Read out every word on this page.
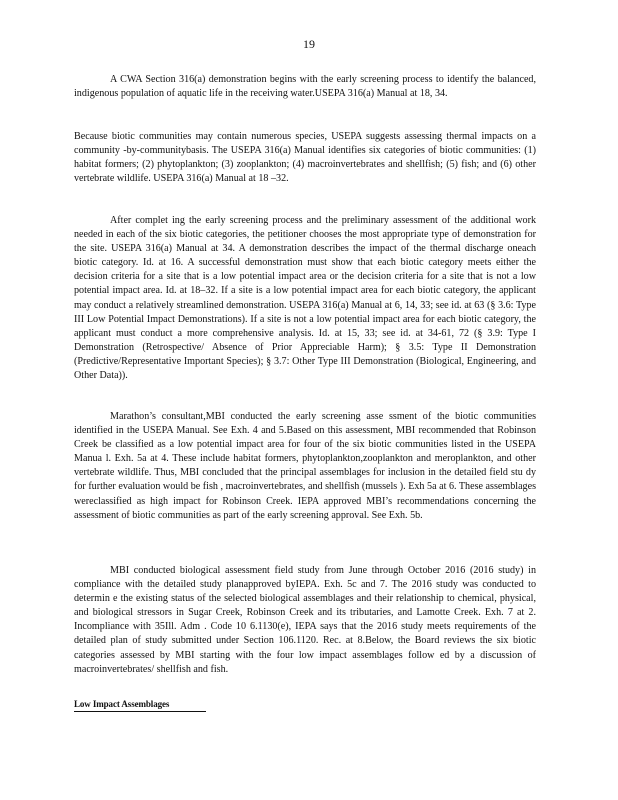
19

A CWA Section 316(a) demonstration begins with the early screening process to identify the balanced, indigenous population of aquatic life in the receiving water.USEPA 316(a) Manual at 18, 34.

Because biotic communities may contain numerous species, USEPA suggests assessing thermal impacts on a community -by-communitybasis. The USEPA 316(a) Manual identifies six categories of biotic communities: (1) habitat formers; (2) phytoplankton; (3) zooplankton; (4) macroinvertebrates and shellfish; (5) fish; and (6) other vertebrate wildlife. USEPA 316(a) Manual at 18 –32.

After complet ing the early screening process and the preliminary assessment of the additional work needed in each of the six biotic categories, the petitioner chooses the most appropriate type of demonstration for the site. USEPA 316(a) Manual at 34. A demonstration describes the impact of the thermal discharge oneach biotic category. Id. at 16. A successful demonstration must show that each biotic category meets either the decision criteria for a site that is a low potential impact area or the decision criteria for a site that is not a low potential impact area. Id. at 18–32. If a site is a low potential impact area for each biotic category, the applicant may conduct a relatively streamlined demonstration. USEPA 316(a) Manual at 6, 14, 33; see id. at 63 (§ 3.6: Type III Low Potential Impact Demonstrations). If a site is not a low potential impact area for each biotic category, the applicant must conduct a more comprehensive analysis. Id. at 15, 33; see id. at 34-61, 72 (§ 3.9: Type I Demonstration (Retrospective/ Absence of Prior Appreciable Harm); § 3.5: Type II Demonstration (Predictive/Representative Important Species); § 3.7: Other Type III Demonstration (Biological, Engineering, and Other Data)).

Marathon’s consultant,MBI conducted the early screening asse ssment of the biotic communities identified in the USEPA Manual. See Exh. 4 and 5.Based on this assessment, MBI recommended that Robinson Creek be classified as a low potential impact area for four of the six biotic communities listed in the USEPA Manua l. Exh. 5a at 4. These include habitat formers, phytoplankton,zooplankton and meroplankton, and other vertebrate wildlife. Thus, MBI concluded that the principal assemblages for inclusion in the detailed field stu dy for further evaluation would be fish , macroinvertebrates, and shellfish (mussels ). Exh 5a at 6. These assemblages wereclassified as high impact for Robinson Creek. IEPA approved MBI’s recommendations concerning the assessment of biotic communities as part of the early screening approval. See Exh. 5b.

MBI conducted biological assessment field study from June through October 2016 (2016 study) in compliance with the detailed study planapproved byIEPA. Exh. 5c and 7. The 2016 study was conducted to determin e the existing status of the selected biological assemblages and their relationship to chemical, physical, and biological stressors in Sugar Creek, Robinson Creek and its tributaries, and Lamotte Creek. Exh. 7 at 2. Incompliance with 35Ill. Adm . Code 10 6.1130(e), IEPA says that the 2016 study meets requirements of the detailed plan of study submitted under Section 106.1120. Rec. at 8.Below, the Board reviews the six biotic categories assessed by MBI starting with the four low impact assemblages follow ed by a discussion of macroinvertebrates/ shellfish and fish.

Low Impact Assemblages
